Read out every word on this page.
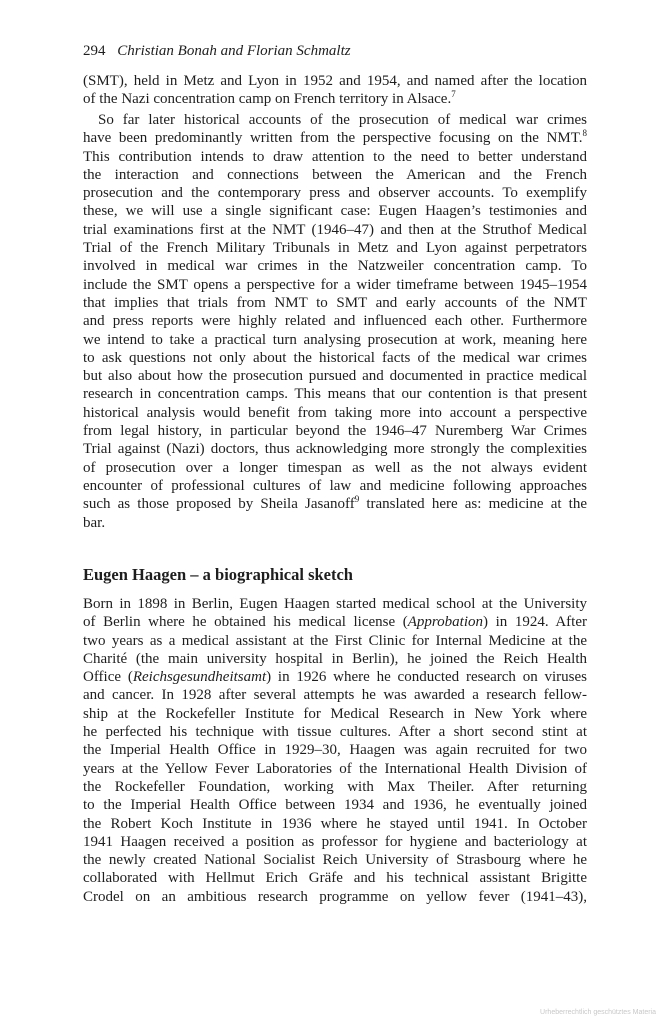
294 Christian Bonah and Florian Schmaltz
(SMT), held in Metz and Lyon in 1952 and 1954, and named after the location
of the Nazi concentration camp on French territory in Alsace.$^7$
So far later historical accounts of the prosecution of medical war crimes
have been predominantly written from the perspective focusing on the NMT.$^8$
This contribution intends to draw attention to the need to better understand
the interaction and connections between the American and the French
prosecution and the contemporary press and observer accounts. To exemplify
these, we will use a single significant case: Eugen Haagen’s testimonies and
trial examinations first at the NMT (1946–47) and then at the Struthof Medical
Trial of the French Military Tribunals in Metz and Lyon against perpetrators
involved in medical war crimes in the Natzweiler concentration camp. To
include the SMT opens a perspective for a wider timeframe between 1945–1954
that implies that trials from NMT to SMT and early accounts of the NMT
and press reports were highly related and influenced each other. Furthermore
we intend to take a practical turn analysing prosecution at work, meaning here
to ask questions not only about the historical facts of the medical war crimes
but also about how the prosecution pursued and documented in practice medical
research in concentration camps. This means that our contention is that present
historical analysis would benefit from taking more into account a perspective
from legal history, in particular beyond the 1946–47 Nuremberg War Crimes
Trial against (Nazi) doctors, thus acknowledging more strongly the complexities
of prosecution over a longer timespan as well as the not always evident
encounter of professional cultures of law and medicine following approaches
such as those proposed by Sheila Jasanoff$^9$ translated here as: medicine at the
bar.
Eugen Haagen – a biographical sketch
Born in 1898 in Berlin, Eugen Haagen started medical school at the University
of Berlin where he obtained his medical license (Approbation) in 1924. After
two years as a medical assistant at the First Clinic for Internal Medicine at the
Charité (the main university hospital in Berlin), he joined the Reich Health
Office (Reichsgesundheitsamt) in 1926 where he conducted research on viruses
and cancer. In 1928 after several attempts he was awarded a research fellow-
ship at the Rockefeller Institute for Medical Research in New York where
he perfected his technique with tissue cultures. After a short second stint at
the Imperial Health Office in 1929–30, Haagen was again recruited for two
years at the Yellow Fever Laboratories of the International Health Division of
the Rockefeller Foundation, working with Max Theiler. After returning
to the Imperial Health Office between 1934 and 1936, he eventually joined
the Robert Koch Institute in 1936 where he stayed until 1941. In October
1941 Haagen received a position as professor for hygiene and bacteriology at
the newly created National Socialist Reich University of Strasbourg where he
collaborated with Hellmut Erich Gräfe and his technical assistant Brigitte
Crodel on an ambitious research programme on yellow fever (1941–43),
Urheberrechtlich geschütztes Materia
